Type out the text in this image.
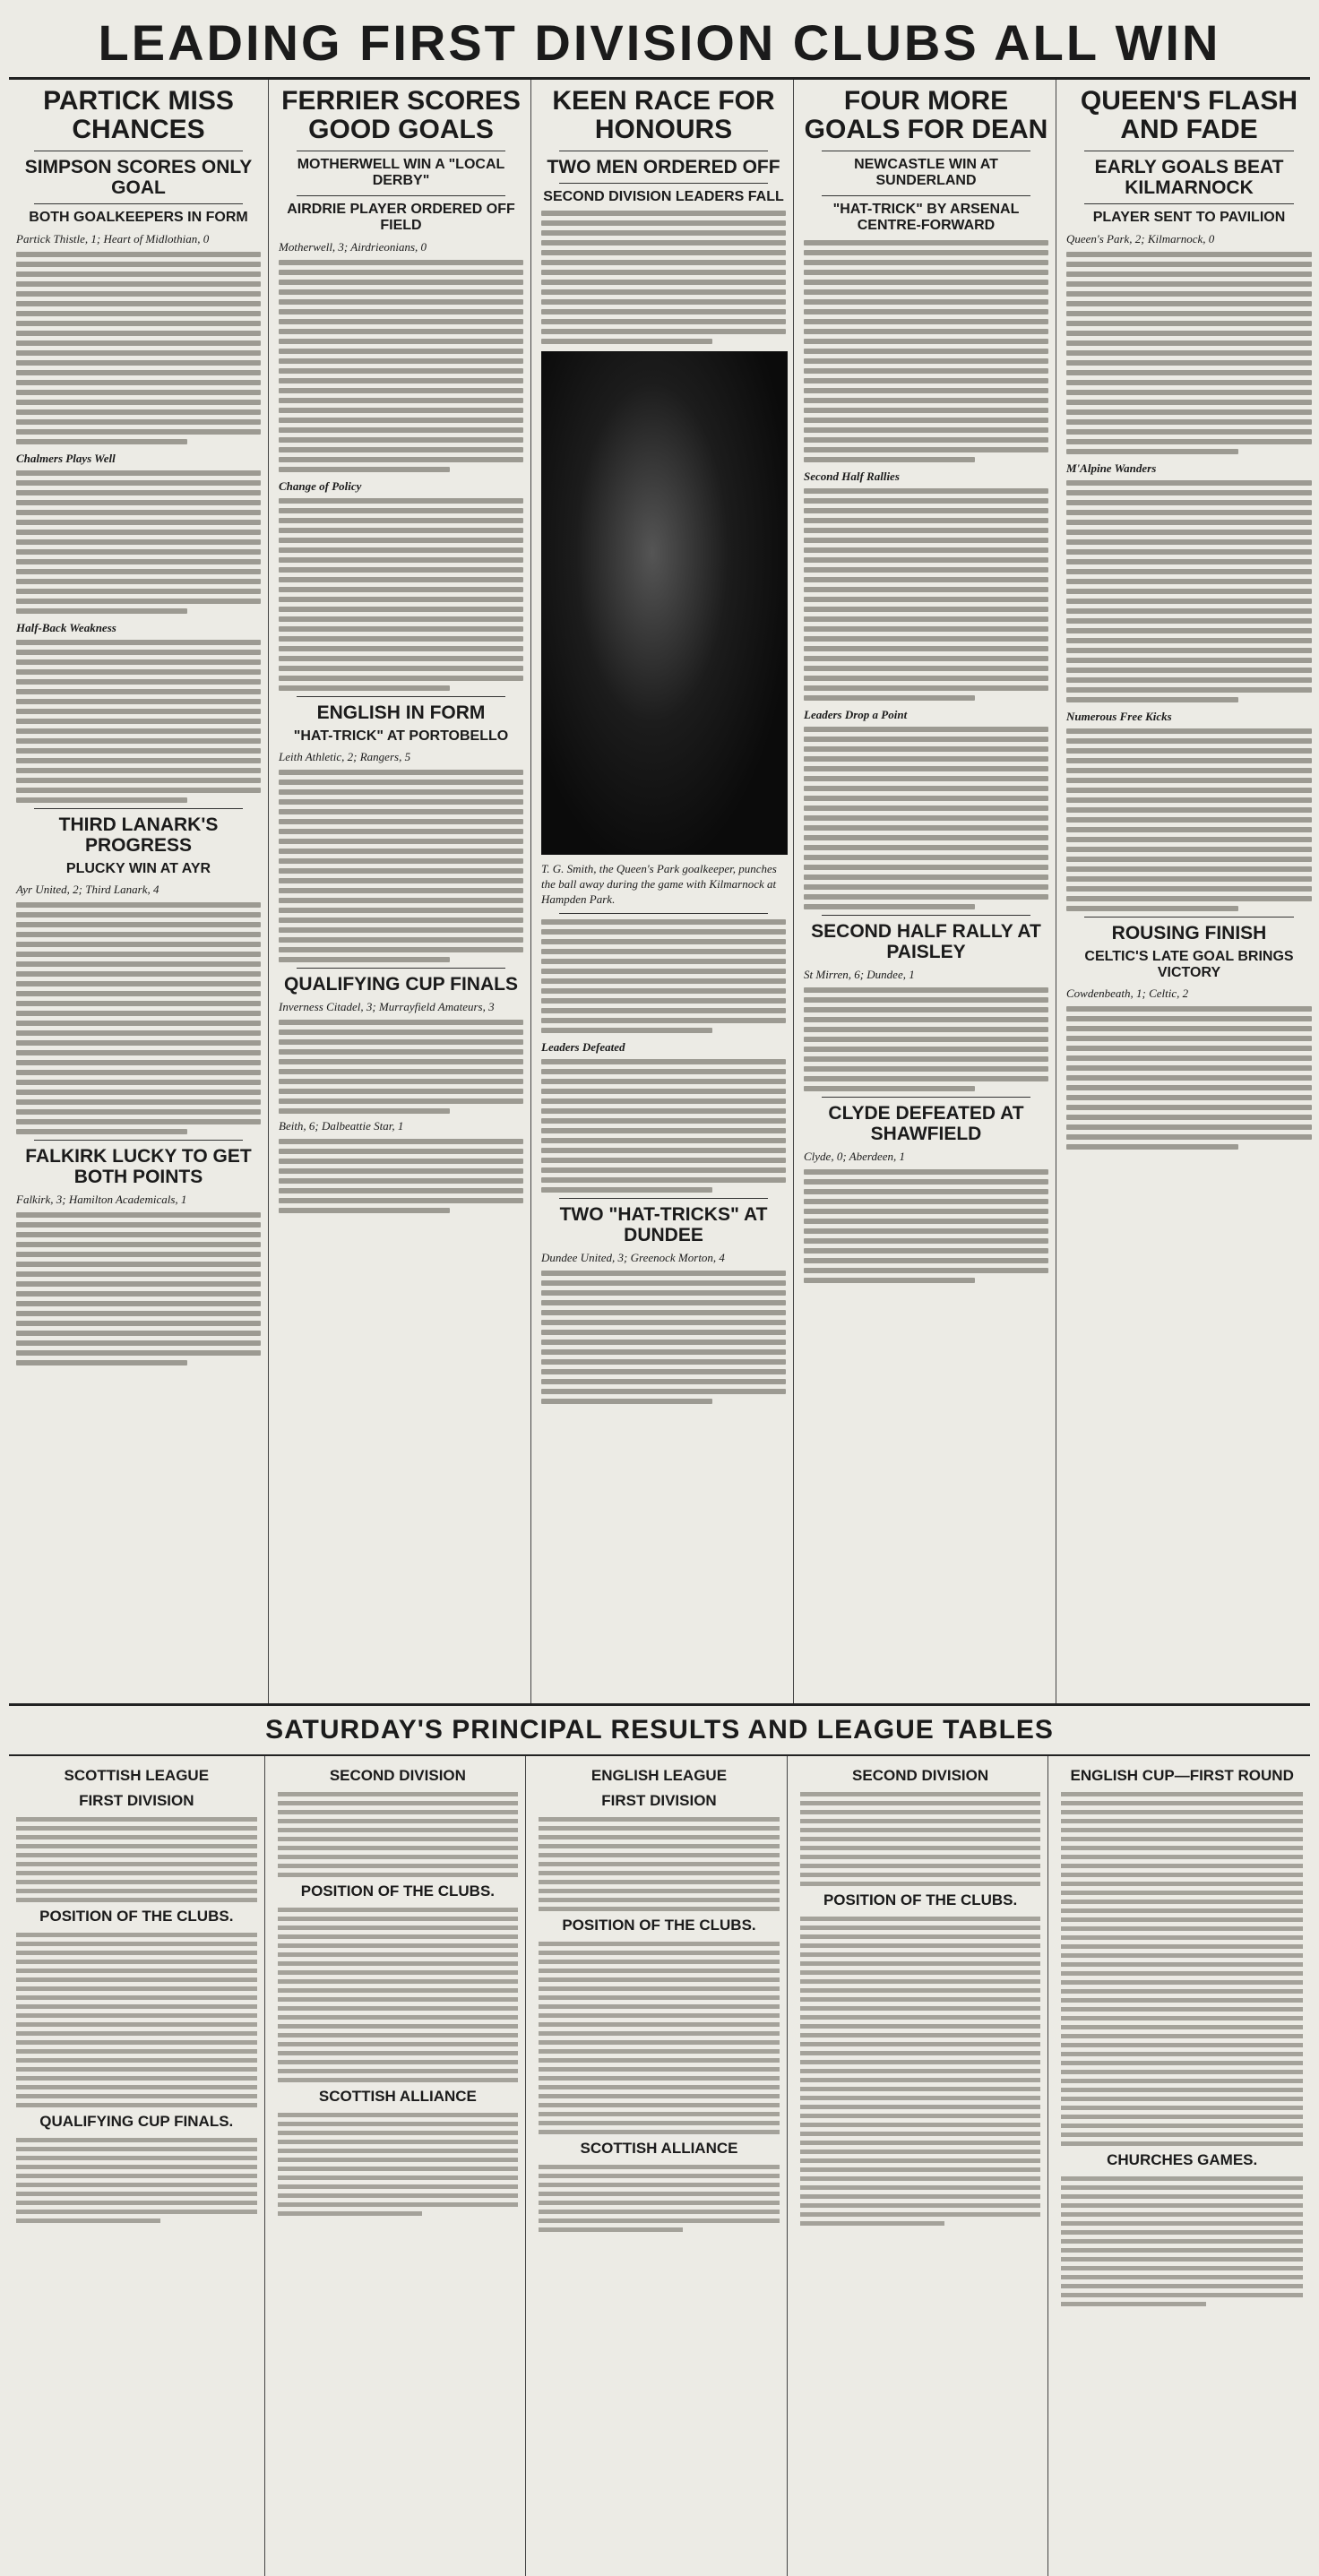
LEADING FIRST DIVISION CLUBS ALL WIN
PARTICK MISS CHANCES
SIMPSON SCORES ONLY GOAL
BOTH GOALKEEPERS IN FORM
Partick Thistle, 1; Heart of Midlothian, 0
Chalmers Plays Well
Half-Back Weakness
THIRD LANARK'S PROGRESS
PLUCKY WIN AT AYR
Ayr United, 2; Third Lanark, 4
FALKIRK LUCKY TO GET BOTH POINTS
Falkirk, 3; Hamilton Academicals, 1
FERRIER SCORES GOOD GOALS
MOTHERWELL WIN A "LOCAL DERBY"
AIRDRIE PLAYER ORDERED OFF FIELD
Motherwell, 3; Airdrieonians, 0
Change of Policy
ENGLISH IN FORM
"HAT-TRICK" AT PORTOBELLO
Leith Athletic, 2; Rangers, 5
QUALIFYING CUP FINALS
Inverness Citadel, 3; Murrayfield Amateurs, 3
Beith, 6; Dalbeattie Star, 1
KEEN RACE FOR HONOURS
TWO MEN ORDERED OFF
SECOND DIVISION LEADERS FALL
T. G. Smith, the Queen's Park goalkeeper, punches the ball away during the game with Kilmarnock at Hampden Park.
Leaders Defeated
TWO "HAT-TRICKS" AT DUNDEE
Dundee United, 3; Greenock Morton, 4
FOUR MORE GOALS FOR DEAN
NEWCASTLE WIN AT SUNDERLAND
"HAT-TRICK" BY ARSENAL CENTRE-FORWARD
Second Half Rallies
Leaders Drop a Point
SECOND HALF RALLY AT PAISLEY
St Mirren, 6; Dundee, 1
CLYDE DEFEATED AT SHAWFIELD
Clyde, 0; Aberdeen, 1
QUEEN'S FLASH AND FADE
EARLY GOALS BEAT KILMARNOCK
PLAYER SENT TO PAVILION
Queen's Park, 2; Kilmarnock, 0
M'Alpine Wanders
Numerous Free Kicks
ROUSING FINISH
CELTIC'S LATE GOAL BRINGS VICTORY
Cowdenbeath, 1; Celtic, 2
SATURDAY'S PRINCIPAL RESULTS AND LEAGUE TABLES
SCOTTISH LEAGUE
FIRST DIVISION
POSITION OF THE CLUBS.
QUALIFYING CUP FINALS.
SECOND DIVISION
POSITION OF THE CLUBS.
SCOTTISH ALLIANCE
ENGLISH LEAGUE
FIRST DIVISION
POSITION OF THE CLUBS.
SCOTTISH ALLIANCE
SECOND DIVISION
POSITION OF THE CLUBS.
ENGLISH CUP—FIRST ROUND
CHURCHES GAMES.
